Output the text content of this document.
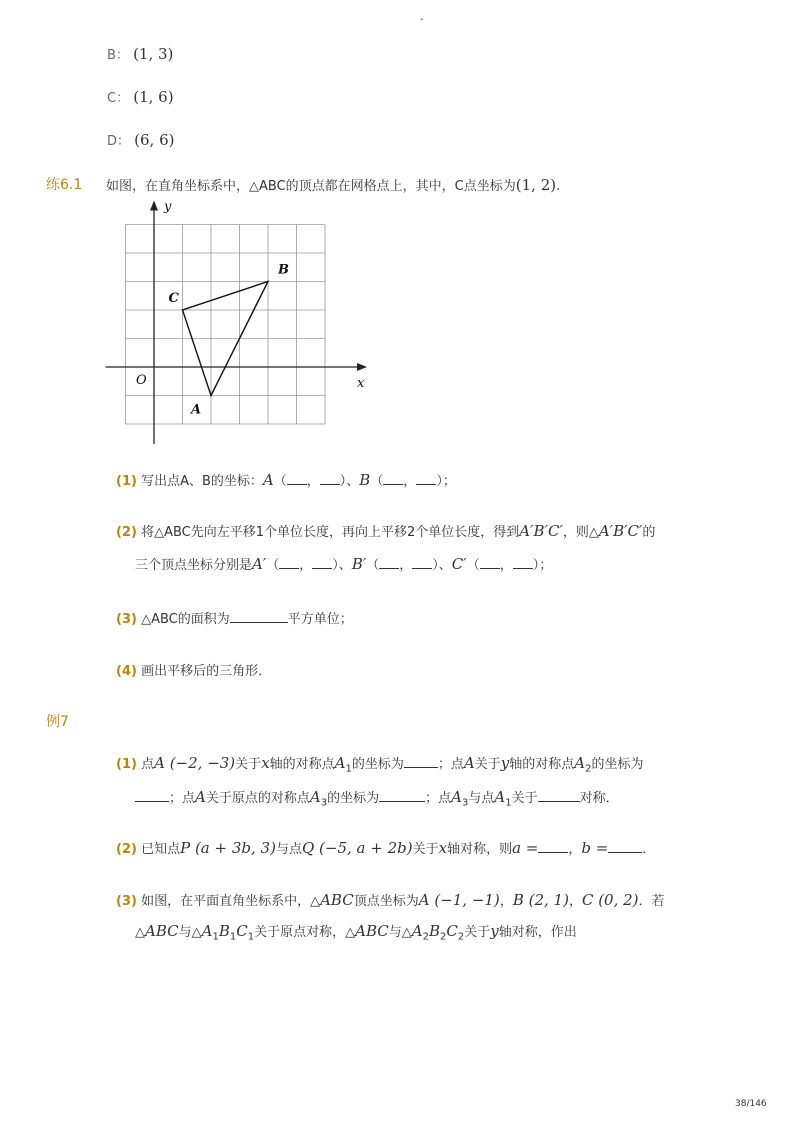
-
B： (1, 3)
C： (1, 6)
D： (6, 6)
练6.1 如图，在直角坐标系中，△ABC的顶点都在网格点上，其中，C点坐标为(1, 2).
x
y
O
A
B
C
(1) 写出点A、B的坐标：A（ ， ）、B（ ， ）；
(2) 将△ABC先向左平移1个单位长度，再向上平移2个单位长度，得到A′B′C′，则△A′B′C′的
三个顶点坐标分别是A′（ ， ）、B′（ ， ）、C′（ ， ）；
(3) △ABC的面积为	平方单位；
(4) 画出平移后的三角形．
例7
(1) 点A (−2, −3)关于x轴的对称点$A_1$的坐标为	；点A关于y轴的对称点$A_2$的坐标为
；点A关于原点的对称点$A_3$的坐标为	；点$A_3$与点$A_1$关于	对称．
(2) 已知点P (a + 3b, 3)与点Q (−5, a + 2b)关于x轴对称，则a = ，b =	．
(3) 如图，在平面直角坐标系中，△ABC顶点坐标为A (−1, −1)，B (2, 1)，C (0, 2)．若
△ABC与$\triangle A_1B_1C_1$关于原点对称，△ABC与$\triangle A_2B_2C_2$关于y轴对称，作出
38/146
